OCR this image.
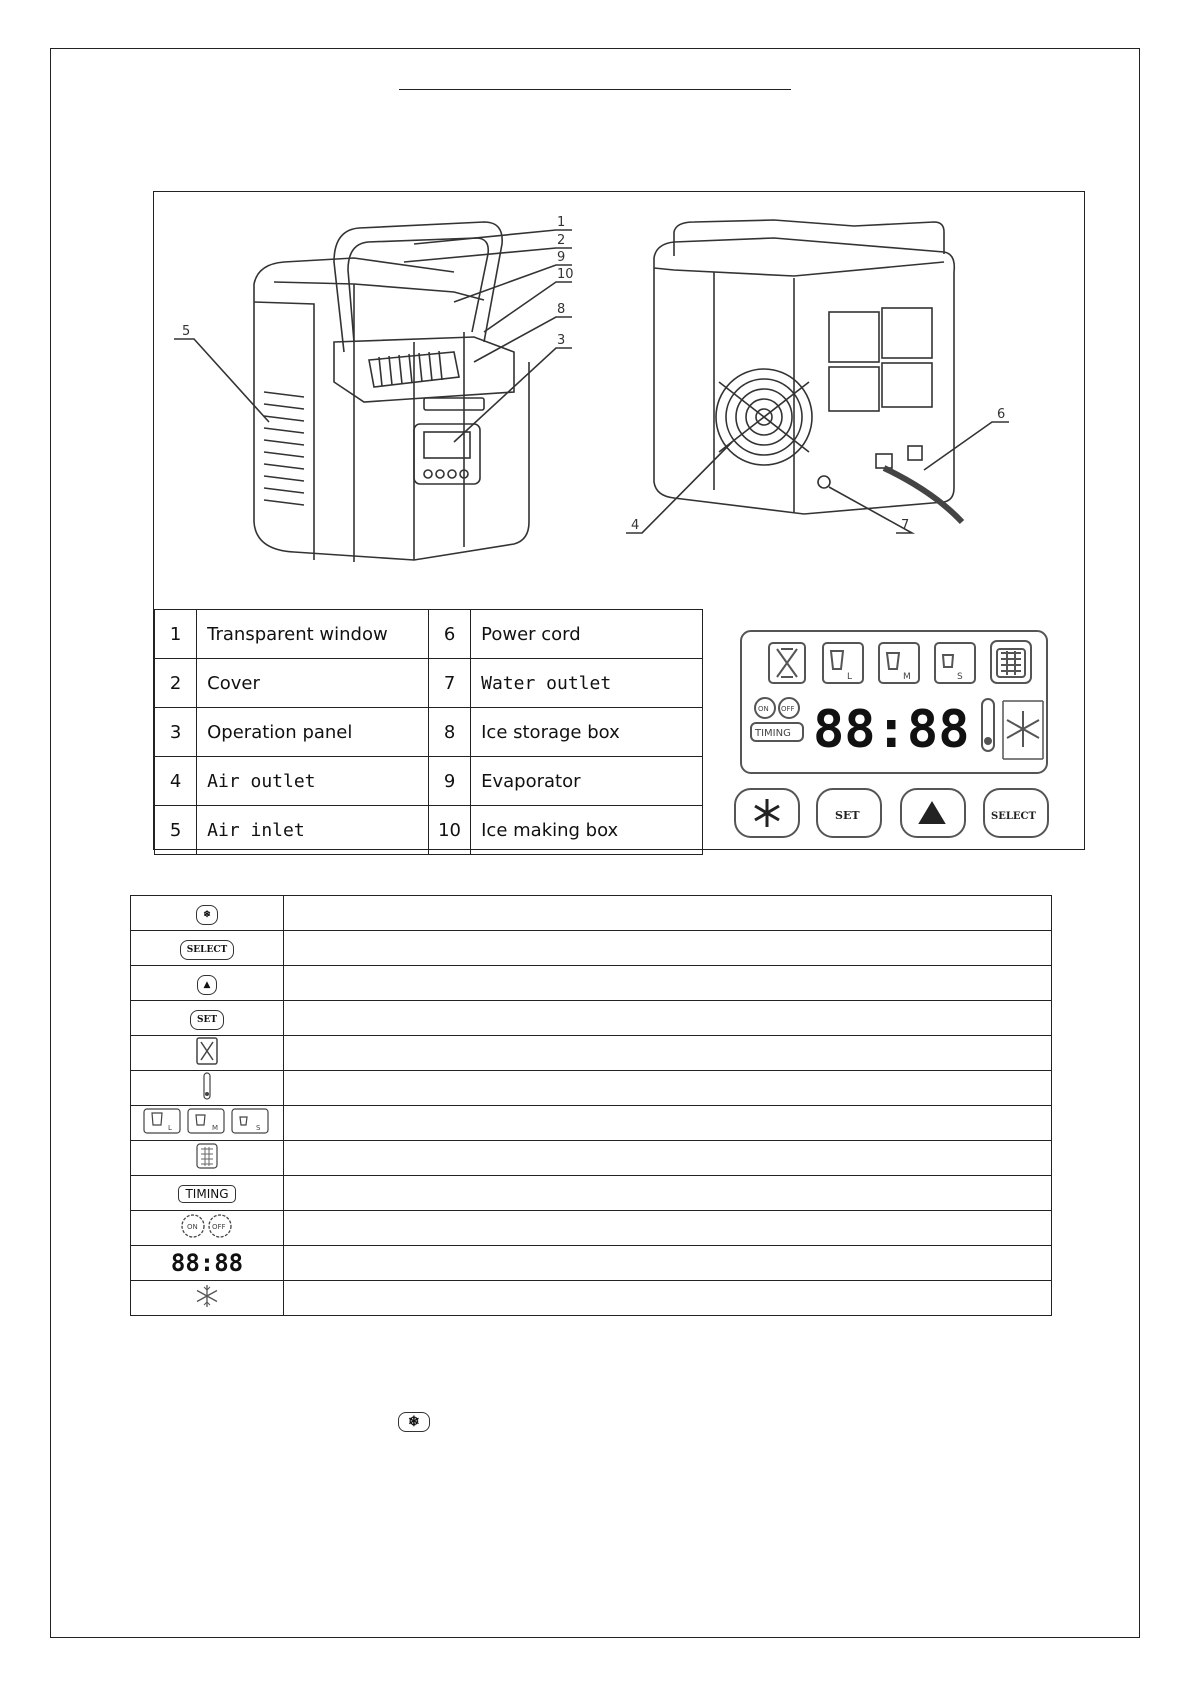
1
2
9
10
8
3
5
4	7
6
1	Transparent window	6	Power cord
2	Cover	7	Water outlet
3	Operation panel	8	Ice storage box
4	Air outlet	9	Evaporator
5	Air inlet	10	Ice making box
L	M	S
ON OFF
TIMING 88:88
SET	SELECT
❄	
SELECT	
▲	
SET	

L M S	

TIMING	

ON OFF	

88:88	

❄
